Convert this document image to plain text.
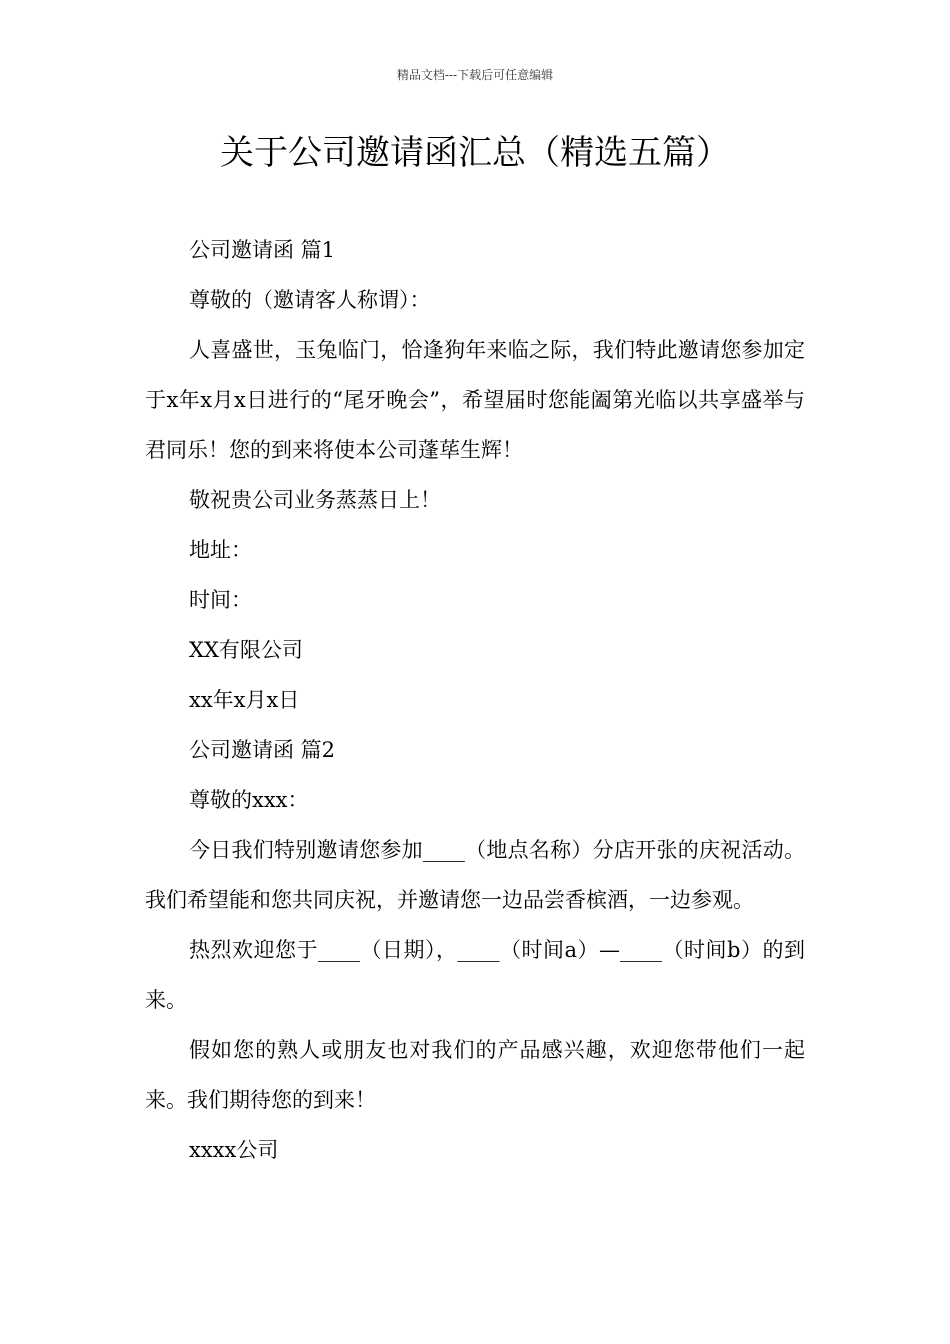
精品文档---下载后可任意编辑
关于公司邀请函汇总（精选五篇）

公司邀请函 篇1

尊敬的（邀请客人称谓）：

人喜盛世，玉兔临门，恰逢狗年来临之际，我们特此邀请您参加定于x年x月x日进行的“尾牙晚会”，希望届时您能阖第光临以共享盛举与君同乐！您的到来将使本公司蓬荜生辉！

敬祝贵公司业务蒸蒸日上！

地址：

时间：

XX有限公司

xx年x月x日

公司邀请函 篇2

尊敬的xxx：

今日我们特别邀请您参加____（地点名称）分店开张的庆祝活动。我们希望能和您共同庆祝，并邀请您一边品尝香槟酒，一边参观。

热烈欢迎您于____（日期），____（时间a）—____（时间b）的到来。

假如您的熟人或朋友也对我们的产品感兴趣，欢迎您带他们一起来。我们期待您的到来！

xxxx公司
